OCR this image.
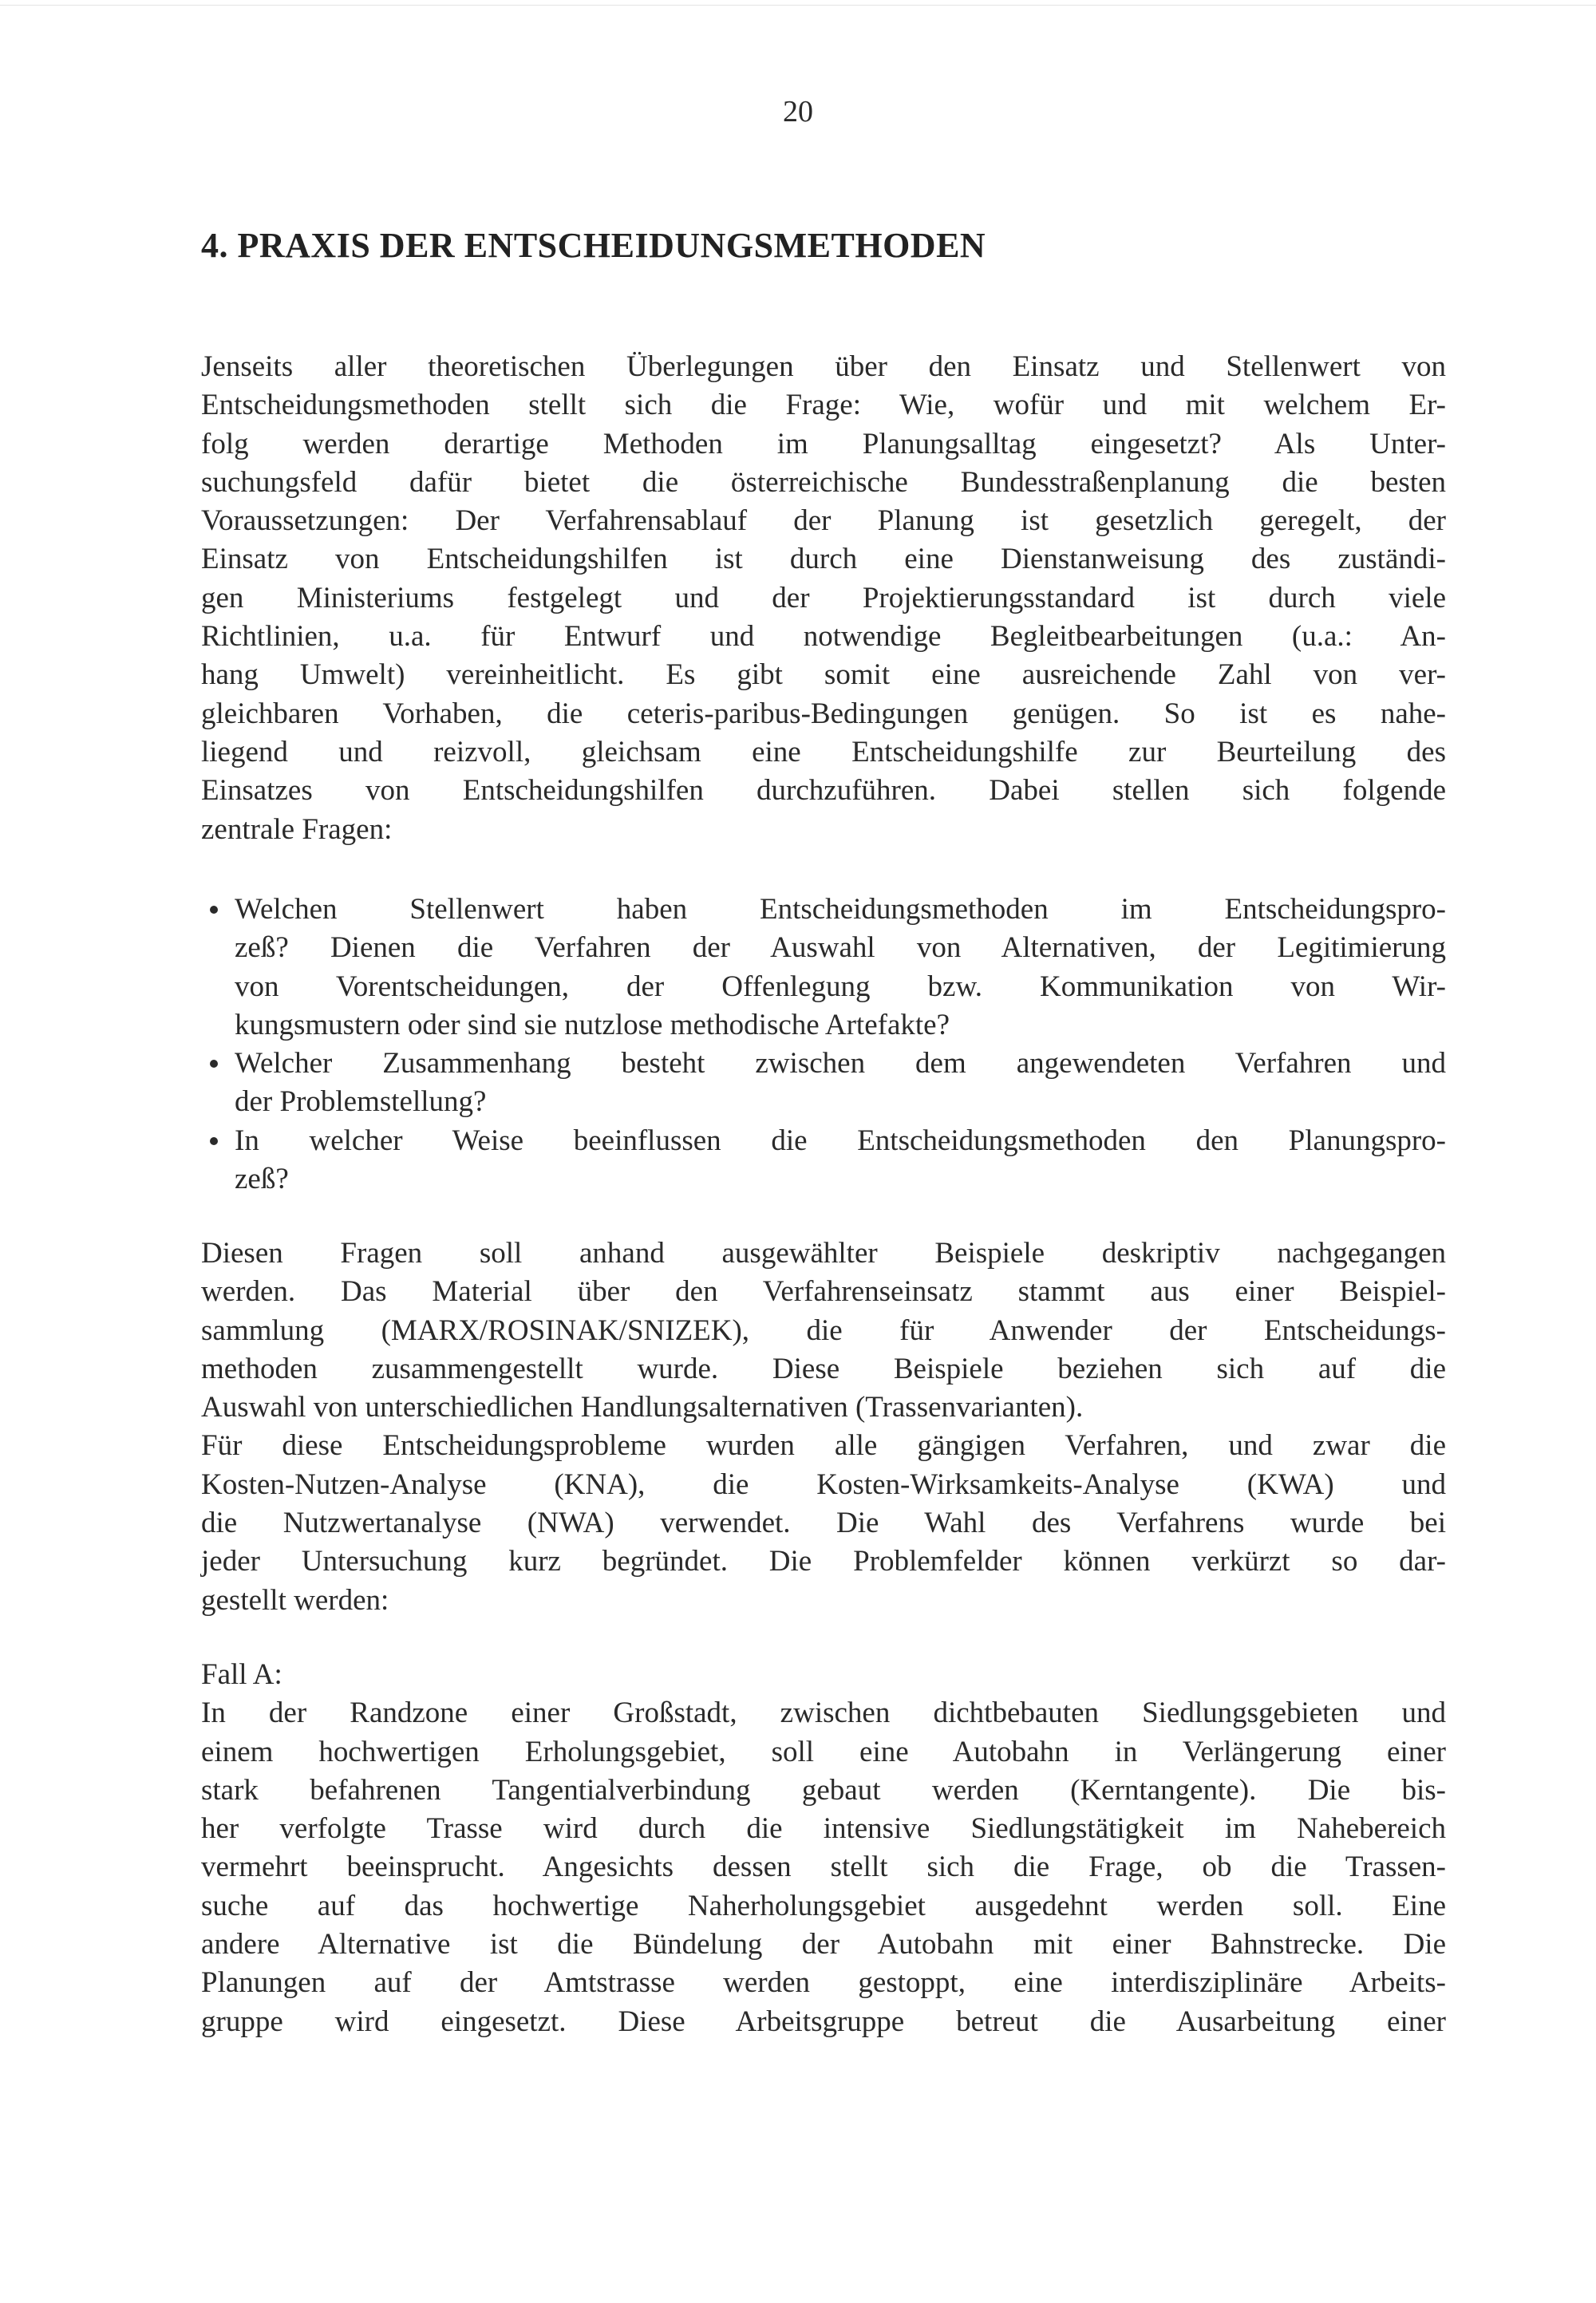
20
4. PRAXIS DER ENTSCHEIDUNGSMETHODEN
Jenseits aller theoretischen Überlegungen über den Einsatz und Stellenwert von
Entscheidungsmethoden stellt sich die Frage: Wie, wofür und mit welchem Er-
folg werden derartige Methoden im Planungsalltag eingesetzt? Als Unter-
suchungsfeld dafür bietet die österreichische Bundesstraßenplanung die besten
Voraussetzungen: Der Verfahrensablauf der Planung ist gesetzlich geregelt, der
Einsatz von Entscheidungshilfen ist durch eine Dienstanweisung des zuständi-
gen Ministeriums festgelegt und der Projektierungsstandard ist durch viele
Richtlinien, u.a. für Entwurf und notwendige Begleitbearbeitungen (u.a.: An-
hang Umwelt) vereinheitlicht. Es gibt somit eine ausreichende Zahl von ver-
gleichbaren Vorhaben, die ceteris-paribus-Bedingungen genügen. So ist es nahe-
liegend und reizvoll, gleichsam eine Entscheidungshilfe zur Beurteilung des
Einsatzes von Entscheidungshilfen durchzuführen. Dabei stellen sich folgende
zentrale Fragen:
Welchen Stellenwert haben Entscheidungsmethoden im Entscheidungspro-
zeß? Dienen die Verfahren der Auswahl von Alternativen, der Legitimierung
von Vorentscheidungen, der Offenlegung bzw. Kommunikation von Wir-
kungsmustern oder sind sie nutzlose methodische Artefakte?
Welcher Zusammenhang besteht zwischen dem angewendeten Verfahren und
der Problemstellung?
In welcher Weise beeinflussen die Entscheidungsmethoden den Planungspro-
zeß?
Diesen Fragen soll anhand ausgewählter Beispiele deskriptiv nachgegangen
werden. Das Material über den Verfahrenseinsatz stammt aus einer Beispiel-
sammlung (MARX/ROSINAK/SNIZEK), die für Anwender der Entscheidungs-
methoden zusammengestellt wurde. Diese Beispiele beziehen sich auf die
Auswahl von unterschiedlichen Handlungsalternativen (Trassenvarianten).
Für diese Entscheidungsprobleme wurden alle gängigen Verfahren, und zwar die
Kosten-Nutzen-Analyse (KNA), die Kosten-Wirksamkeits-Analyse (KWA) und
die Nutzwertanalyse (NWA) verwendet. Die Wahl des Verfahrens wurde bei
jeder Untersuchung kurz begründet. Die Problemfelder können verkürzt so dar-
gestellt werden:
Fall A:
In der Randzone einer Großstadt, zwischen dichtbebauten Siedlungsgebieten und
einem hochwertigen Erholungsgebiet, soll eine Autobahn in Verlängerung einer
stark befahrenen Tangentialverbindung gebaut werden (Kerntangente). Die bis-
her verfolgte Trasse wird durch die intensive Siedlungstätigkeit im Nahebereich
vermehrt beeinsprucht. Angesichts dessen stellt sich die Frage, ob die Trassen-
suche auf das hochwertige Naherholungsgebiet ausgedehnt werden soll. Eine
andere Alternative ist die Bündelung der Autobahn mit einer Bahnstrecke. Die
Planungen auf der Amtstrasse werden gestoppt, eine interdisziplinäre Arbeits-
gruppe wird eingesetzt. Diese Arbeitsgruppe betreut die Ausarbeitung einer
